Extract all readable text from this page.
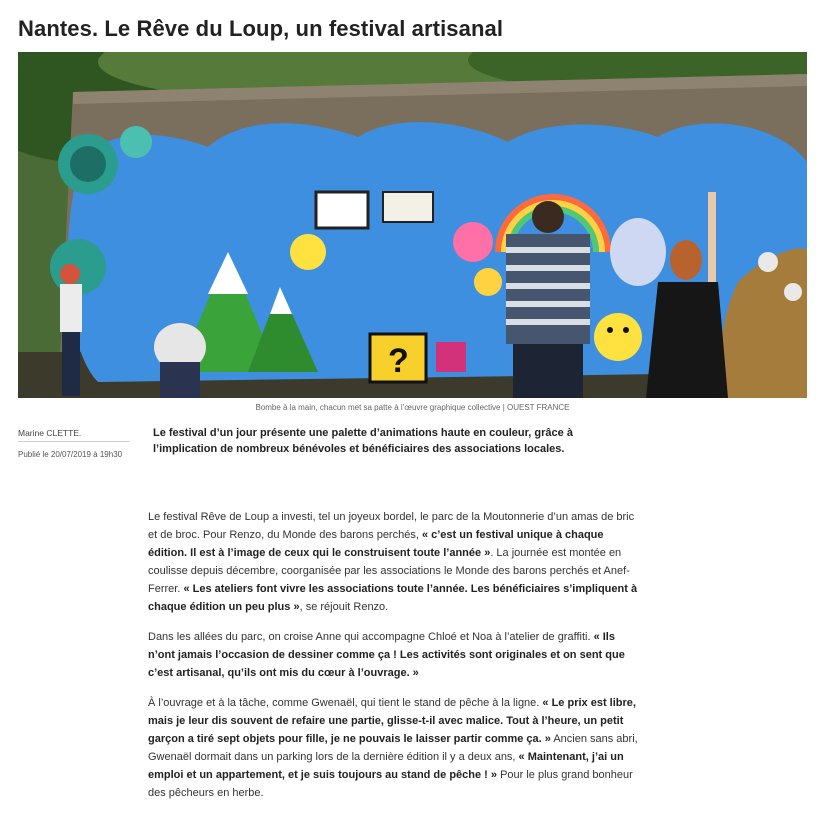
Nantes. Le Rêve du Loup, un festival artisanal
?
Bombe à la main, chacun met sa patte à l’œuvre graphique collective | OUEST FRANCE
Marine CLETTE.
Publié le 20/07/2019 à 19h30

Le festival d’un jour présente une palette d’animations haute en couleur, grâce à l’implication de nombreux bénévoles et bénéficiaires des associations locales.

Le festival Rêve de Loup a investi, tel un joyeux bordel, le parc de la Moutonnerie d’un amas de bric et de broc. Pour Renzo, du Monde des barons perchés, « c’est un festival unique à chaque édition. Il est à l’image de ceux qui le construisent toute l’année ». La journée est montée en coulisse depuis décembre, coorganisée par les associations le Monde des barons perchés et Anef-Ferrer. « Les ateliers font vivre les associations toute l’année. Les bénéficiaires s’impliquent à chaque édition un peu plus », se réjouit Renzo.

Dans les allées du parc, on croise Anne qui accompagne Chloé et Noa à l’atelier de graffiti. « Ils n’ont jamais l’occasion de dessiner comme ça ! Les activités sont originales et on sent que c’est artisanal, qu’ils ont mis du cœur à l’ouvrage. »

À l’ouvrage et à la tâche, comme Gwenaël, qui tient le stand de pêche à la ligne. « Le prix est libre, mais je leur dis souvent de refaire une partie, glisse-t-il avec malice. Tout à l’heure, un petit garçon a tiré sept objets pour fille, je ne pouvais le laisser partir comme ça. » Ancien sans abri, Gwenaël dormait dans un parking lors de la dernière édition il y a deux ans, « Maintenant, j’ai un emploi et un appartement, et je suis toujours au stand de pêche ! » Pour le plus grand bonheur des pêcheurs en herbe.
